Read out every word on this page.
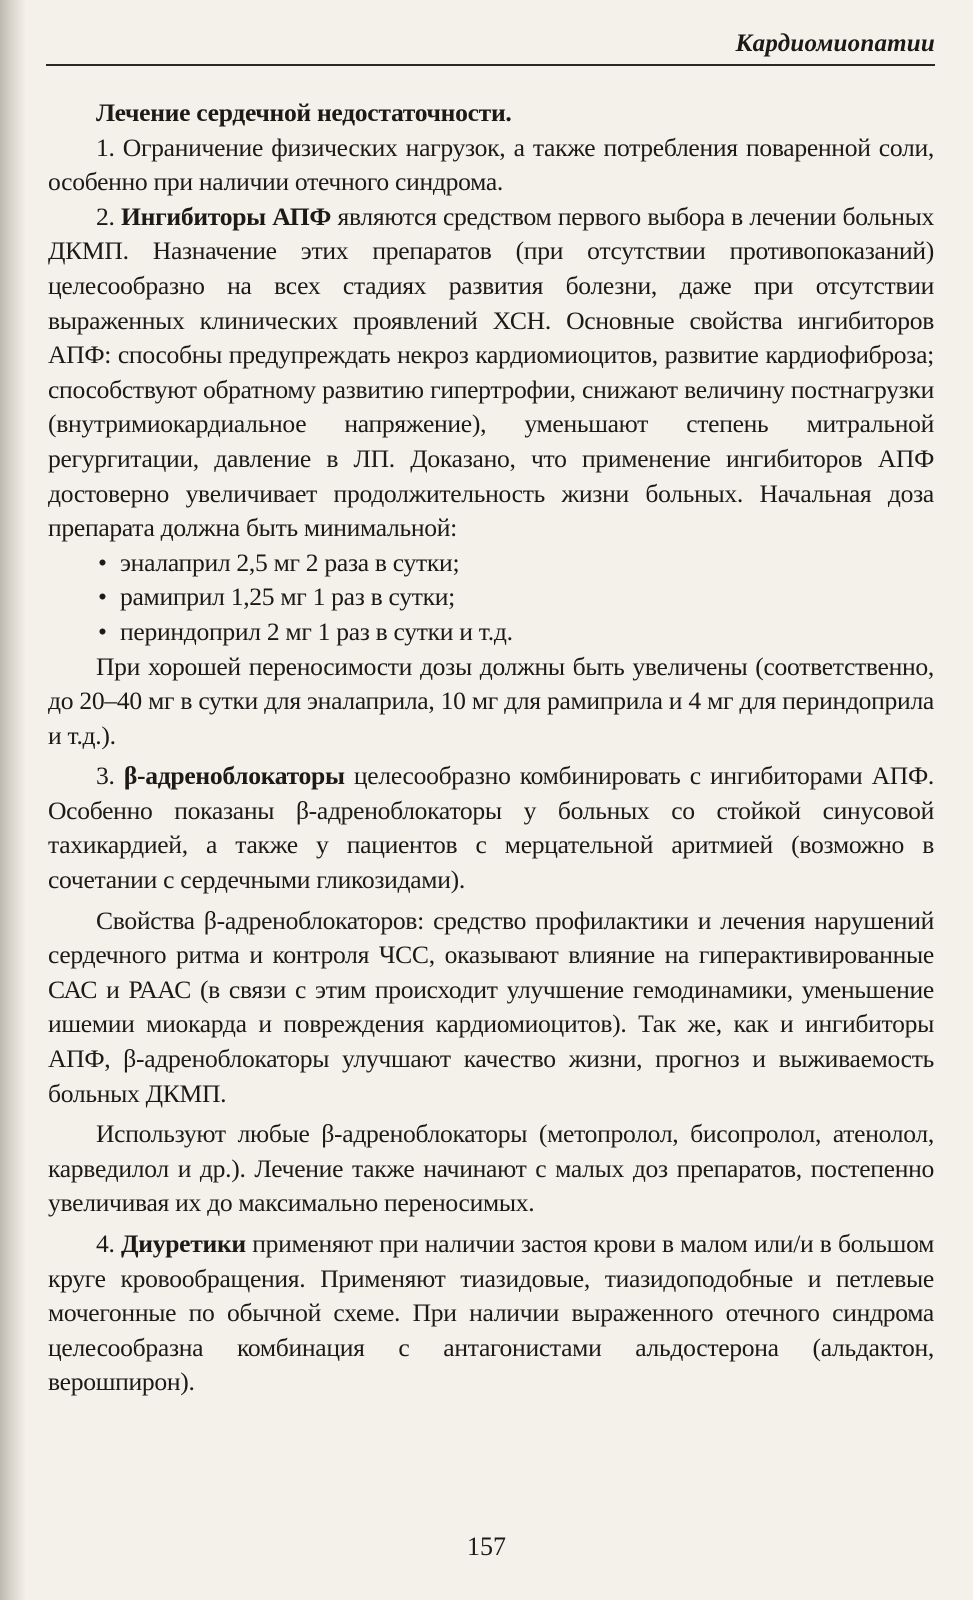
Кардиомиопатии

Лечение сердечной недостаточности.

1. Ограничение физических нагрузок, а также потребления поваренной соли, особенно при наличии отечного синдрома.

2. Ингибиторы АПФ являются средством первого выбора в лечении больных ДКМП. Назначение этих препаратов (при отсутствии противопоказаний) целесообразно на всех стадиях развития болезни, даже при отсутствии выраженных клинических проявлений ХСН. Основные свойства ингибиторов АПФ: способны предупреждать некроз кардиомиоцитов, развитие кардиофиброза; способствуют обратному развитию гипертрофии, снижают величину постнагрузки (внутримиокардиальное напряжение), уменьшают степень митральной регургитации, давление в ЛП. Доказано, что применение ингибиторов АПФ достоверно увеличивает продолжительность жизни больных. Начальная доза препарата должна быть минимальной:

• эналаприл 2,5 мг 2 раза в сутки;
• рамиприл 1,25 мг 1 раз в сутки;
• периндоприл 2 мг 1 раз в сутки и т.д.

При хорошей переносимости дозы должны быть увеличены (соответственно, до 20–40 мг в сутки для эналаприла, 10 мг для рамиприла и 4 мг для периндоприла и т.д.).

3. β-адреноблокаторы целесообразно комбинировать с ингибиторами АПФ. Особенно показаны β-адреноблокаторы у больных со стойкой синусовой тахикардией, а также у пациентов с мерцательной аритмией (возможно в сочетании с сердечными гликозидами).

Свойства β-адреноблокаторов: средство профилактики и лечения нарушений сердечного ритма и контроля ЧСС, оказывают влияние на гиперактивированные САС и РААС (в связи с этим происходит улучшение гемодинамики, уменьшение ишемии миокарда и повреждения кардиомиоцитов). Так же, как и ингибиторы АПФ, β-адреноблокаторы улучшают качество жизни, прогноз и выживаемость больных ДКМП.

Используют любые β-адреноблокаторы (метопролол, бисопролол, атенолол, карведилол и др.). Лечение также начинают с малых доз препаратов, постепенно увеличивая их до максимально переносимых.

4. Диуретики применяют при наличии застоя крови в малом или/и в большом круге кровообращения. Применяют тиазидовые, тиазидоподобные и петлевые мочегонные по обычной схеме. При наличии выраженного отечного синдрома целесообразна комбинация с антагонистами альдостерона (альдактон, верошпирон).

157
